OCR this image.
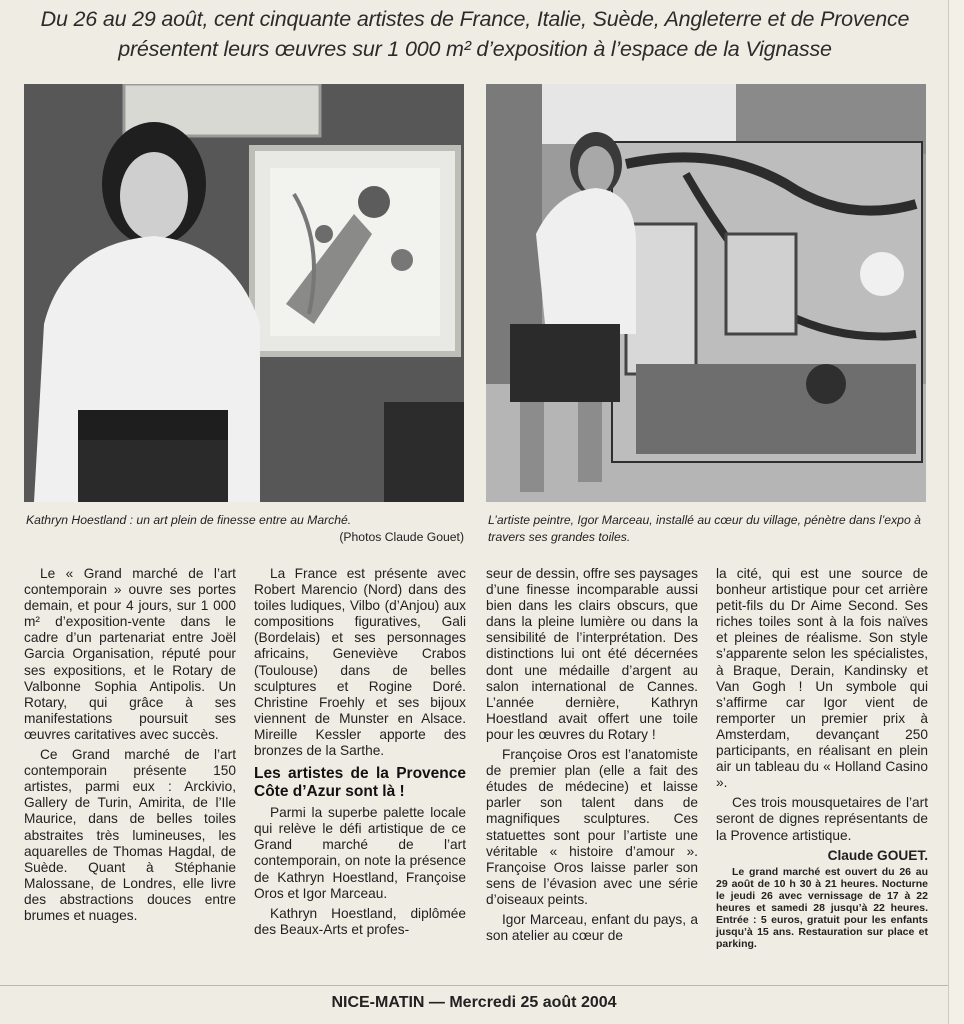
Du 26 au 29 août, cent cinquante artistes de France, Italie, Suède, Angleterre et de Provence
présentent leurs œuvres sur 1 000 m² d’exposition à l’espace de la Vignasse
Kathryn Hoestland : un art plein de finesse entre au Marché.
(Photos Claude Gouet)
L’artiste peintre, Igor Marceau, installé au cœur du village, pénètre dans l’expo à travers ses grandes toiles.

Le « Grand marché de l’art contemporain » ouvre ses portes demain, et pour 4 jours, sur 1 000 m² d’exposition-vente dans le cadre d’un partenariat entre Joël Garcia Organisation, réputé pour ses expositions, et le Rotary de Valbonne Sophia Antipolis. Un Rotary, qui grâce à ses manifestations poursuit ses œuvres caritatives avec succès.

Ce Grand marché de l’art contemporain présente 150 artistes, parmi eux : Arckivio, Gallery de Turin, Amirita, de l’Ile Maurice, dans de belles toiles abstraites très lumineuses, les aquarelles de Thomas Hagdal, de Suède. Quant à Stéphanie Malossane, de Londres, elle livre des abstractions douces entre brumes et nuages.

La France est présente avec Robert Marencio (Nord) dans des toiles ludiques, Vilbo (d’Anjou) aux compositions figuratives, Gali (Bordelais) et ses personnages africains, Geneviève Crabos (Toulouse) dans de belles sculptures et Rogine Doré. Christine Froehly et ses bijoux viennent de Munster en Alsace. Mireille Kessler apporte des bronzes de la Sarthe.

Les artistes de la Provence Côte d’Azur sont là !

Parmi la superbe palette locale qui relève le défi artistique de ce Grand marché de l’art contemporain, on note la présence de Kathryn Hoestland, Françoise Oros et Igor Marceau.

Kathryn Hoestland, diplômée des Beaux-Arts et profes-

seur de dessin, offre ses paysages d’une finesse incomparable aussi bien dans les clairs obscurs, que dans la pleine lumière ou dans la sensibilité de l’interprétation. Des distinctions lui ont été décernées dont une médaille d’argent au salon international de Cannes. L’année dernière, Kathryn Hoestland avait offert une toile pour les œuvres du Rotary !

Françoise Oros est l’anatomiste de premier plan (elle a fait des études de médecine) et laisse parler son talent dans de magnifiques sculptures. Ces statuettes sont pour l’artiste une véritable « histoire d’amour ». Françoise Oros laisse parler son sens de l’évasion avec une série d’oiseaux peints.

Igor Marceau, enfant du pays, a son atelier au cœur de

la cité, qui est une source de bonheur artistique pour cet arrière petit-fils du Dr Aime Second. Ses riches toiles sont à la fois naïves et pleines de réalisme. Son style s’apparente selon les spécialistes, à Braque, Derain, Kandinsky et Van Gogh ! Un symbole qui s’affirme car Igor vient de remporter un premier prix à Amsterdam, devançant 250 participants, en réalisant en plein air un tableau du « Holland Casino ».

Ces trois mousquetaires de l’art seront de dignes représentants de la Provence artistique.

Claude GOUET.

Le grand marché est ouvert du 26 au 29 août de 10 h 30 à 21 heures. Nocturne le jeudi 26 avec vernissage de 17 à 22 heures et samedi 28 jusqu’à 22 heures. Entrée : 5 euros, gratuit pour les enfants jusqu’à 15 ans. Restauration sur place et parking.

NICE-MATIN — Mercredi 25 août 2004
